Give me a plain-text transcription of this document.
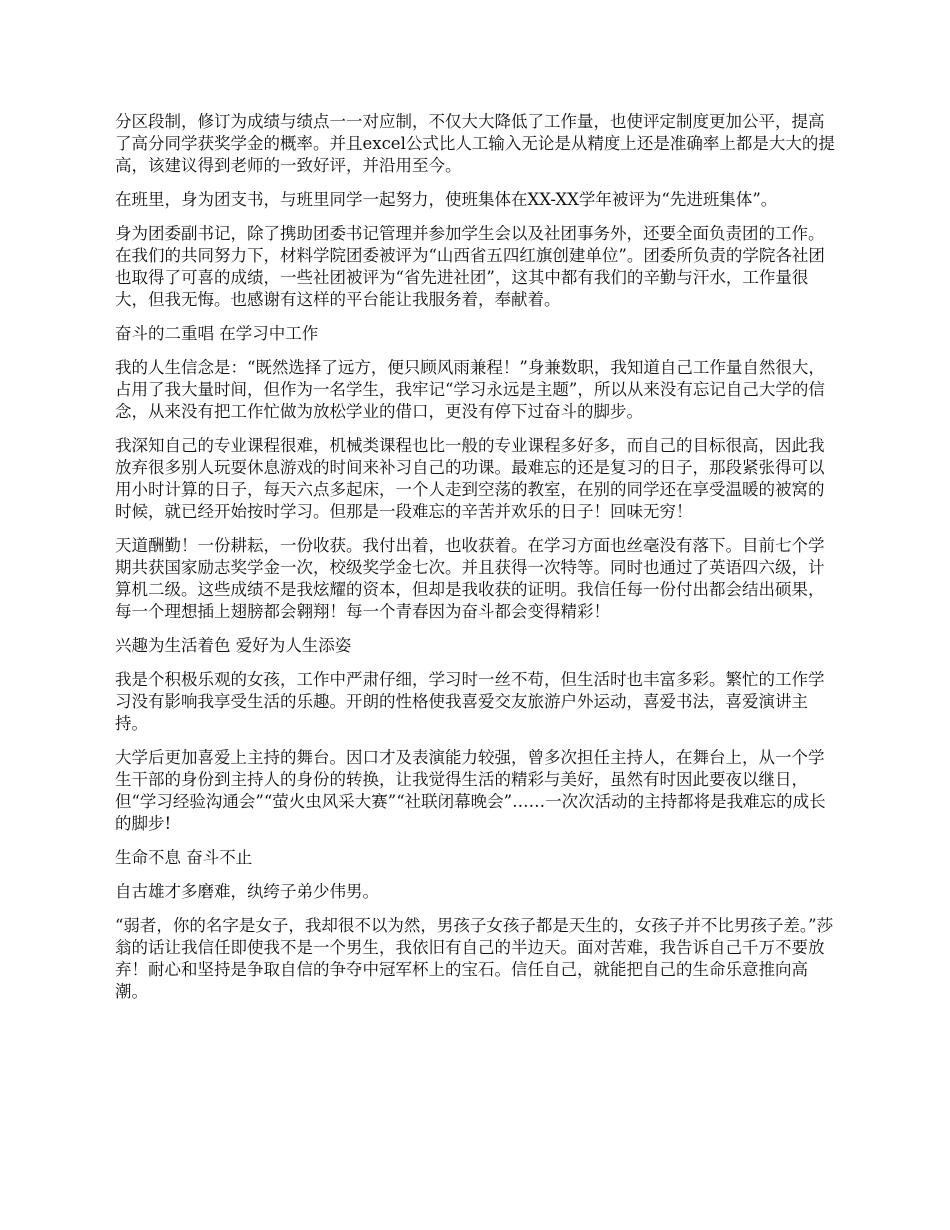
分区段制，修订为成绩与绩点一一对应制，不仅大大降低了工作量，也使评定制度更加公平，提高了高分同学获奖学金的概率。并且excel公式比人工输入无论是从精度上还是准确率上都是大大的提高，该建议得到老师的一致好评，并沿用至今。

在班里，身为团支书，与班里同学一起努力，使班集体在XX-XX学年被评为“先进班集体”。

身为团委副书记，除了携助团委书记管理并参加学生会以及社团事务外，还要全面负责团的工作。在我们的共同努力下，材料学院团委被评为“山西省五四红旗创建单位”。团委所负责的学院各社团也取得了可喜的成绩，一些社团被评为“省先进社团”，这其中都有我们的辛勤与汗水，工作量很大，但我无悔。也感谢有这样的平台能让我服务着，奉献着。

奋斗的二重唱 在学习中工作

我的人生信念是：“既然选择了远方，便只顾风雨兼程！”身兼数职，我知道自己工作量自然很大，占用了我大量时间，但作为一名学生，我牢记“学习永远是主题”，所以从来没有忘记自己大学的信念，从来没有把工作忙做为放松学业的借口，更没有停下过奋斗的脚步。

我深知自己的专业课程很难，机械类课程也比一般的专业课程多好多，而自己的目标很高，因此我放弃很多别人玩耍休息游戏的时间来补习自己的功课。最难忘的还是复习的日子，那段紧张得可以用小时计算的日子，每天六点多起床，一个人走到空荡的教室，在别的同学还在享受温暖的被窝的时候，就已经开始按时学习。但那是一段难忘的辛苦并欢乐的日子！回味无穷！

天道酬勤！一份耕耘，一份收获。我付出着，也收获着。在学习方面也丝毫没有落下。目前七个学期共获国家励志奖学金一次，校级奖学金七次。并且获得一次特等。同时也通过了英语四六级，计算机二级。这些成绩不是我炫耀的资本，但却是我收获的证明。我信任每一份付出都会结出硕果，每一个理想插上翅膀都会翱翔！每一个青春因为奋斗都会变得精彩！

兴趣为生活着色 爱好为人生添姿

我是个积极乐观的女孩，工作中严肃仔细，学习时一丝不苟，但生活时也丰富多彩。繁忙的工作学习没有影响我享受生活的乐趣。开朗的性格使我喜爱交友旅游户外运动，喜爱书法，喜爱演讲主持。

大学后更加喜爱上主持的舞台。因口才及表演能力较强，曾多次担任主持人，在舞台上，从一个学生干部的身份到主持人的身份的转换，让我觉得生活的精彩与美好，虽然有时因此要夜以继日，但“学习经验沟通会”“萤火虫风采大赛”“社联闭幕晚会”……一次次活动的主持都将是我难忘的成长的脚步!

生命不息 奋斗不止

自古雄才多磨难，纨绔子弟少伟男。

“弱者，你的名字是女子，我却很不以为然，男孩子女孩子都是天生的，女孩子并不比男孩子差。”莎翁的话让我信任即使我不是一个男生，我依旧有自己的半边天。面对苦难，我告诉自己千万不要放弃！耐心和坚持是争取自信的争夺中冠军杯上的宝石。信任自己，就能把自己的生命乐意推向高潮。
